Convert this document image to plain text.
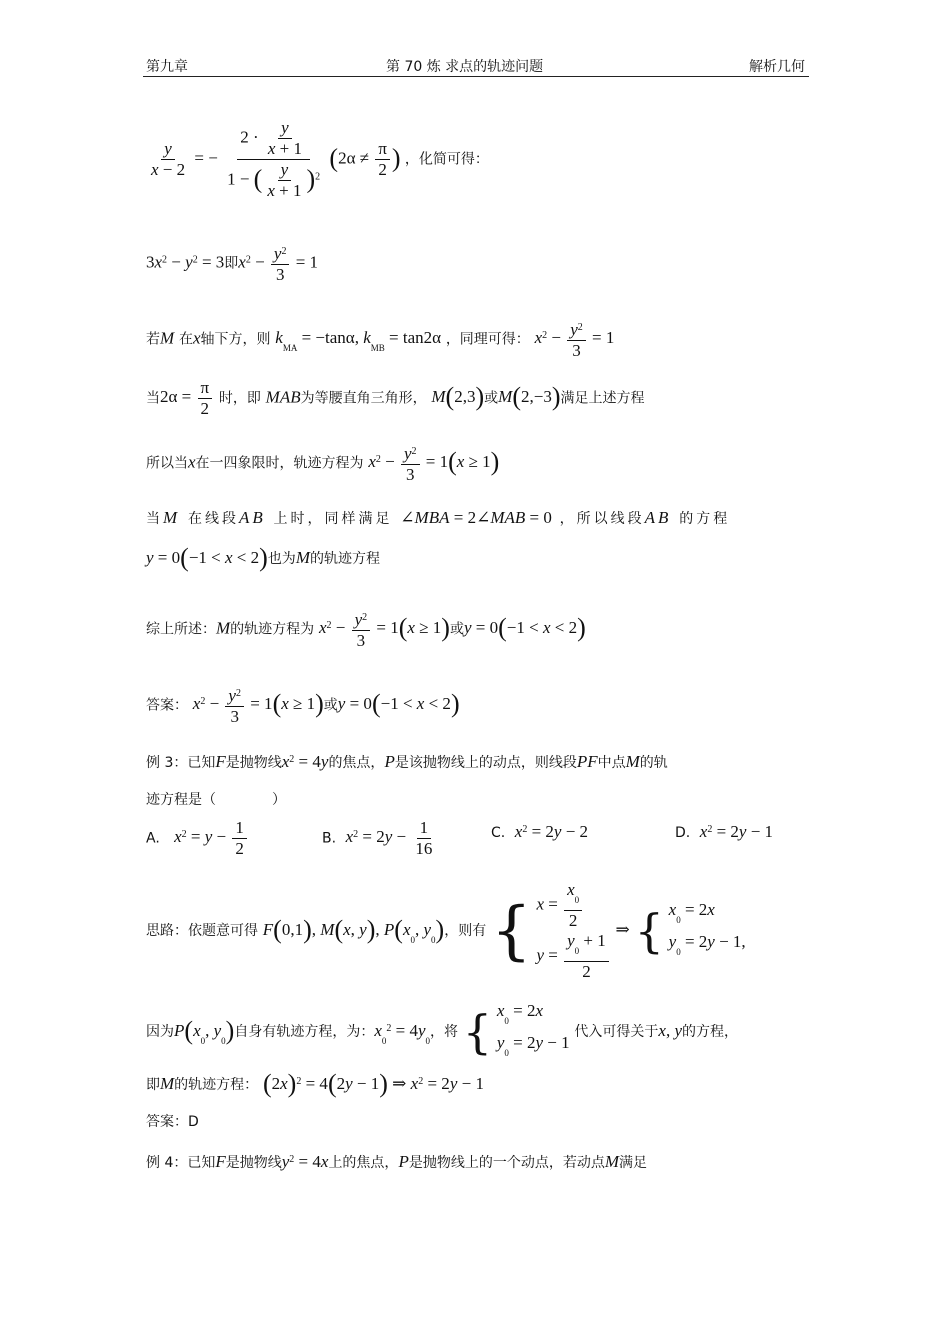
第九章	第 70 炼 求点的轨迹问题	解析几何
$\frac{y}{x - 2}$ = − $\frac{2 \cdot \frac{y}{x + 1}}{1 - ( \frac{y}{x + 1} )^2} (2\alpha \ne \frac{\pi}{2}$ ) ，化简可得：
$3x^2 - y^2 = 3$即$x^2 - \frac{y^2}{3} = 1$
若M 在x轴下方，则 $k_{MA} = -\tan\alpha$, $k_{MB} = \tan 2\alpha$ ，同理可得： $x^2 - \frac{y^2}{3} = 1$
当$2\alpha = \frac{\pi}{2}$ 时，即 MAB为等腰直角三角形， M(2,3)或M(2,−3)满足上述方程
所以当x在一四象限时，轨迹方程为 $x^2 - \frac{y^2}{3} = 1(x \ge 1)$
当M 在线段AB 上时，同样满足 ∠MBA = 2∠MAB = 0 ，所以线段AB 的方程
y = 0(−1 < x < 2)也为M的轨迹方程
综上所述：M的轨迹方程为 $x^2 - \frac{y^2}{3} = 1(x \ge 1)$或y = 0(−1 < x < 2)
答案： $x^2 - \frac{y^2}{3} = 1(x \ge 1)$或y = 0(−1 < x < 2)
例 3：已知F是抛物线$x^2 = 4y$的焦点，P是该抛物线上的动点，则线段PF中点M的轨
迹方程是（　　　　）
A. $x^2 = y - \frac{1}{2}$	B. $x^2 = 2y - \frac{1}{16}$	C. $x^2 = 2y - 2$	D. $x^2 = 2y - 1$
思路：依题意可得 F(0,1), M(x, y), $P(x_0$, $y_0$)，则有 { $x = \frac{x_0}{2}$
$y = \frac{y_0 + 1}{2}$
⇒ { $x_0 = 2x$
$y_0 = 2y - 1$,
因为$P(x_0$, $y_0$)自身有轨迹方程，为：$x_0^2 = 4y_0$，将 { $x_0 = 2x$
$y_0 = 2y - 1$
代入可得关于x, y的方程，
即M的轨迹方程： $(2x)^2 = 4(2y - 1)$ ⇒ $x^2 = 2y - 1$
答案：D
例 4：已知F是抛物线$y^2 = 4x$上的焦点，P是抛物线上的一个动点，若动点M满足
